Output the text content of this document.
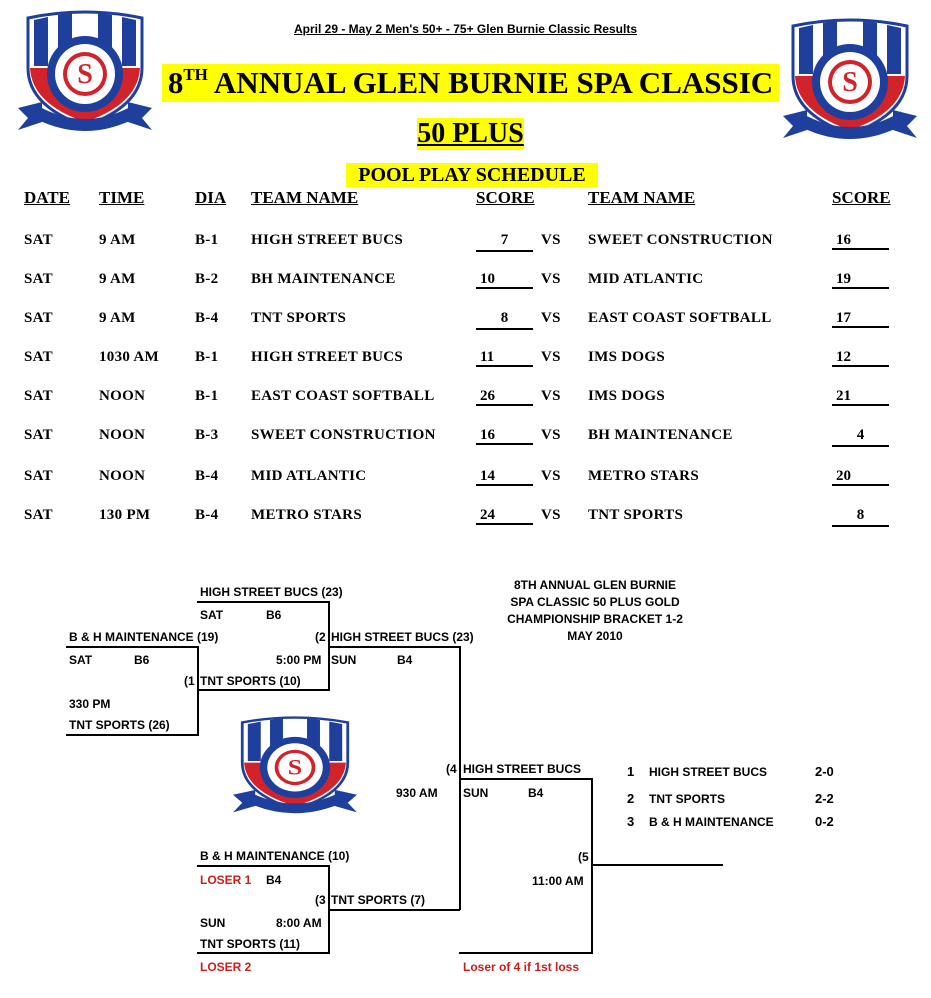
S	S
S
April 29 - May 2 Men's 50+ - 75+ Glen Burnie Classic Results
8TH ANNUAL GLEN BURNIE SPA CLASSIC
50 PLUS
POOL PLAY SCHEDULE
DATE TIME	DIA TEAM NAME	SCORE	TEAM NAME	SCORE
SAT	9 AM	B-1 HIGH STREET BUCS	7	VS SWEET CONSTRUCTION	16
SAT	9 AM	B-2 BH MAINTENANCE	10	VS MID ATLANTIC	19
SAT	9 AM	B-4 TNT SPORTS	8	VS EAST COAST SOFTBALL	17
SAT	1030 AM B-1 HIGH STREET BUCS	11	VS IMS DOGS	12
SAT	NOON	B-1 EAST COAST SOFTBALL	26	VS IMS DOGS	21
SAT	NOON	B-3 SWEET CONSTRUCTION	16	VS BH MAINTENANCE	4
SAT	NOON	B-4 MID ATLANTIC	14	VS METRO STARS	20
SAT	130 PM	B-4 METRO STARS	24	VS TNT SPORTS	8
8TH ANNUAL GLEN BURNIE
SPA CLASSIC 50 PLUS GOLD
CHAMPIONSHIP BRACKET 1-2
MAY 2010
HIGH STREET BUCS (23)
SAT	B6
B & H MAINTENANCE (19)
SAT	B6
330 PM
TNT SPORTS (26)
(1 TNT SPORTS (10)
(2 HIGH STREET BUCS (23)
5:00 PM SUN	B4
(4 HIGH STREET BUCS
930 AM SUN	B4
(5
11:00 AM
Loser of 4 if 1st loss
B & H MAINTENANCE (10)
LOSER 1 B4
(3 TNT SPORTS (7)
SUN	8:00 AM
TNT SPORTS (11)
LOSER 2
1 HIGH STREET BUCS	2-0
2 TNT SPORTS	2-2
3 B & H MAINTENANCE	0-2
